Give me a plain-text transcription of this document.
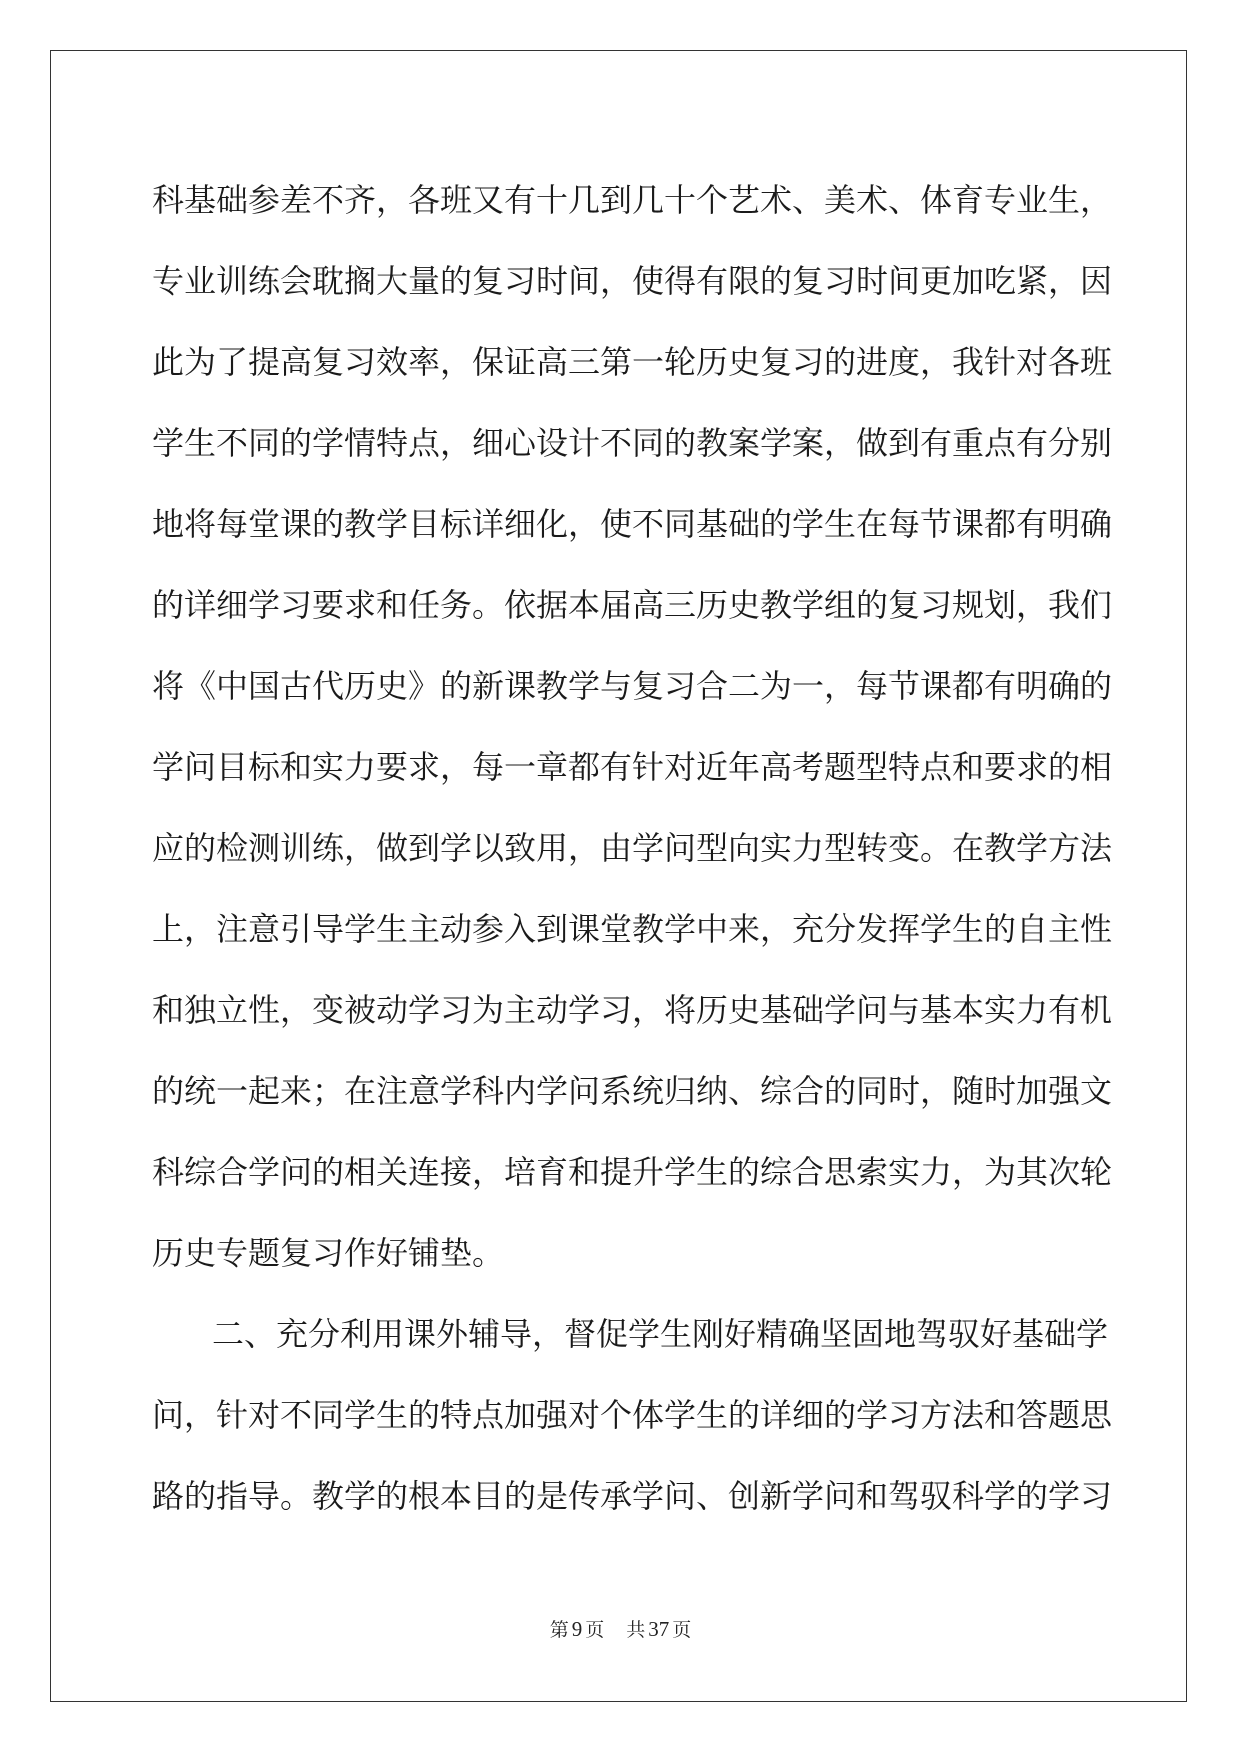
科基础参差不齐，各班又有十几到几十个艺术、美术、体育专业生，
专业训练会耽搁大量的复习时间，使得有限的复习时间更加吃紧，因
此为了提高复习效率，保证高三第一轮历史复习的进度，我针对各班
学生不同的学情特点，细心设计不同的教案学案，做到有重点有分别
地将每堂课的教学目标详细化，使不同基础的学生在每节课都有明确
的详细学习要求和任务。依据本届高三历史教学组的复习规划，我们
将《中国古代历史》的新课教学与复习合二为一，每节课都有明确的
学问目标和实力要求，每一章都有针对近年高考题型特点和要求的相
应的检测训练，做到学以致用，由学问型向实力型转变。在教学方法
上，注意引导学生主动参入到课堂教学中来，充分发挥学生的自主性
和独立性，变被动学习为主动学习，将历史基础学问与基本实力有机
的统一起来；在注意学科内学问系统归纳、综合的同时，随时加强文
科综合学问的相关连接，培育和提升学生的综合思索实力，为其次轮
历史专题复习作好铺垫。
二、充分利用课外辅导，督促学生刚好精确坚固地驾驭好基础学
问，针对不同学生的特点加强对个体学生的详细的学习方法和答题思
路的指导。教学的根本目的是传承学问、创新学问和驾驭科学的学习
第 9 页 共 37 页
